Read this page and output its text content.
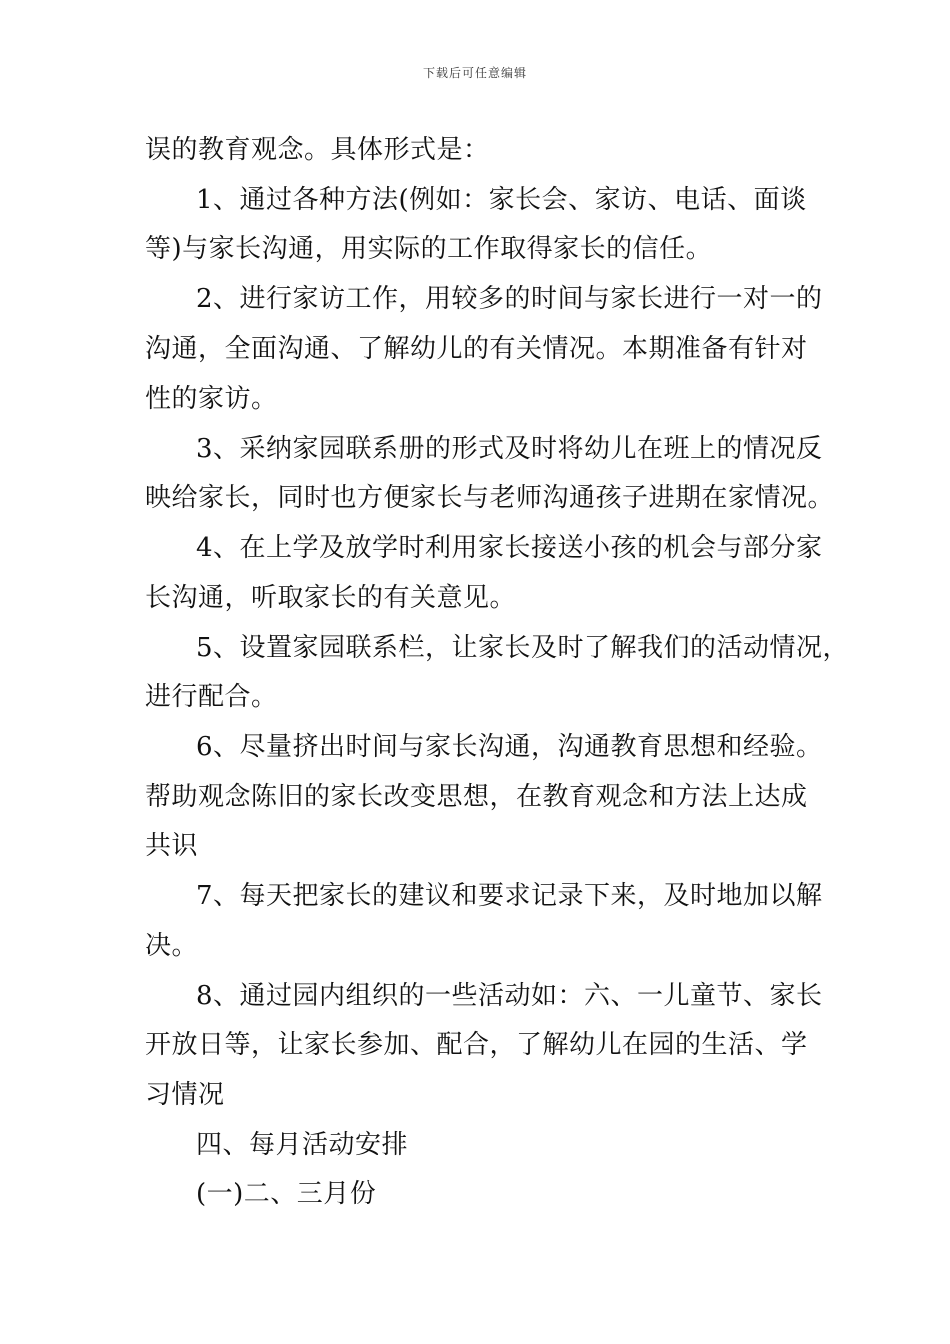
下载后可任意编辑
误的教育观念。具体形式是：
1、通过各种方法(例如：家长会、家访、电话、面谈
等)与家长沟通，用实际的工作取得家长的信任。
2、进行家访工作，用较多的时间与家长进行一对一的
沟通，全面沟通、了解幼儿的有关情况。本期准备有针对
性的家访。
3、采纳家园联系册的形式及时将幼儿在班上的情况反
映给家长，同时也方便家长与老师沟通孩子进期在家情况。
4、在上学及放学时利用家长接送小孩的机会与部分家
长沟通，听取家长的有关意见。
5、设置家园联系栏，让家长及时了解我们的活动情况，
进行配合。
6、尽量挤出时间与家长沟通，沟通教育思想和经验。
帮助观念陈旧的家长改变思想，在教育观念和方法上达成
共识
7、每天把家长的建议和要求记录下来，及时地加以解
决。
8、通过园内组织的一些活动如：六、一儿童节、家长
开放日等，让家长参加、配合，了解幼儿在园的生活、学
习情况
四、每月活动安排
(一)二、三月份
